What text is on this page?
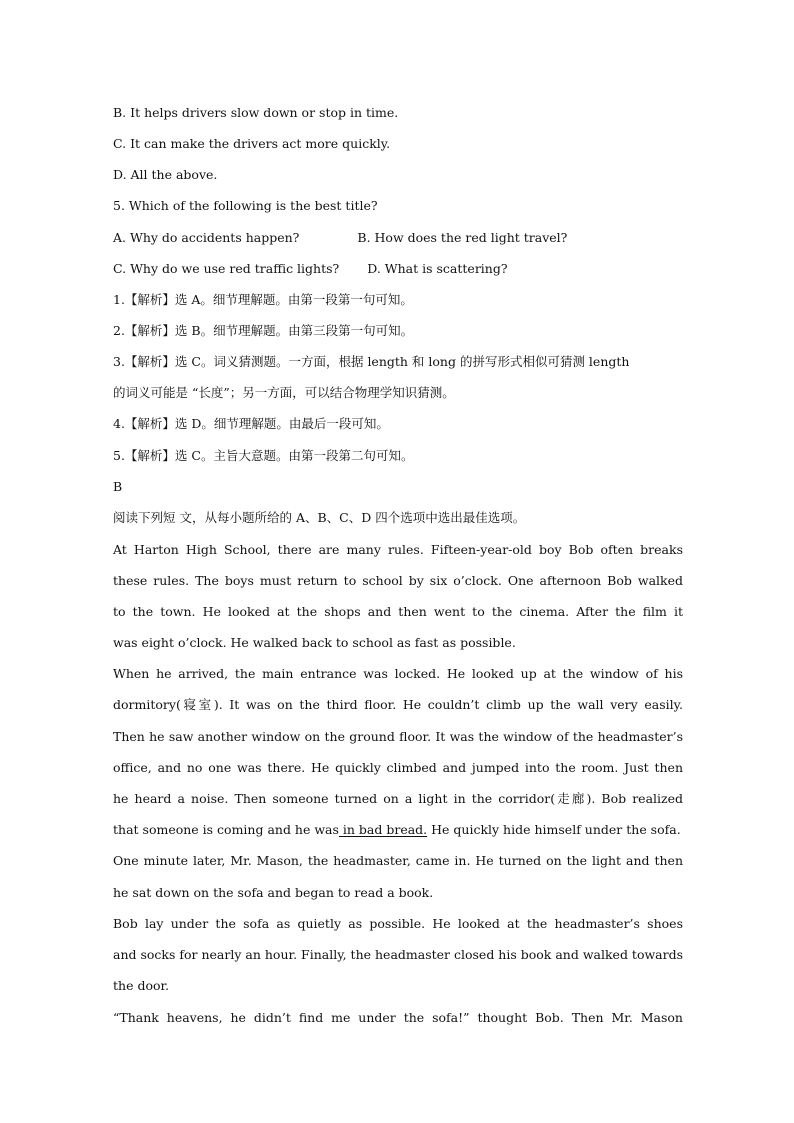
B. It helps drivers slow down or stop in time.
C. It can make the drivers act more quickly.
D. All the above.
5. Which of the following is the best title?
A. Why do accidents happen?	B. How does the red light travel?
C. Why do we use red traffic lights? D. What is scattering?
1.【解析】选 A。细节理解题。由第一段第一句可知。
2.【解析】选 B。细节理解题。由第三段第一句可知。
3.【解析】选 C。词义猜测题。一方面，根据 length 和 long 的拼写形式相似可猜测 length
的词义可能是 “长度”；另一方面，可以结合物理学知识猜测。
4.【解析】选 D。细节理解题。由最后一段可知。
5.【解析】选 C。主旨大意题。由第一段第二句可知。
B
阅读下列短 文，从每小题所给的 A、B、C、D 四个选项中选出最佳选项。
At Harton High School, there are many rules. Fifteen-year-old boy Bob often breaks
these rules. The boys must return to school by six o’clock. One afternoon Bob walked
to the town. He looked at the shops and then went to the cinema. After the film it
was eight o’clock. He walked back to school as fast as possible.
When he arrived, the main entrance was locked. He looked up at the window of his
dormitory(寝室). It was on the third floor. He couldn’t climb up the wall very easily.
Then he saw another window on the ground floor. It was the window of the headmaster’s
office, and no one was there. He quickly climbed and jumped into the room. Just then
he heard a noise. Then someone turned on a light in the corridor(走廊). Bob realized
that someone is coming and he was in bad bread. He quickly hide himself under the sofa.
One minute later, Mr. Mason, the headmaster, came in. He turned on the light and then
he sat down on the sofa and began to read a book.
Bob lay under the sofa as quietly as possible. He looked at the headmaster’s shoes
and socks for nearly an hour. Finally, the headmaster closed his book and walked towards
the door.
“Thank heavens, he didn’t find me under the sofa!” thought Bob. Then Mr. Mason
